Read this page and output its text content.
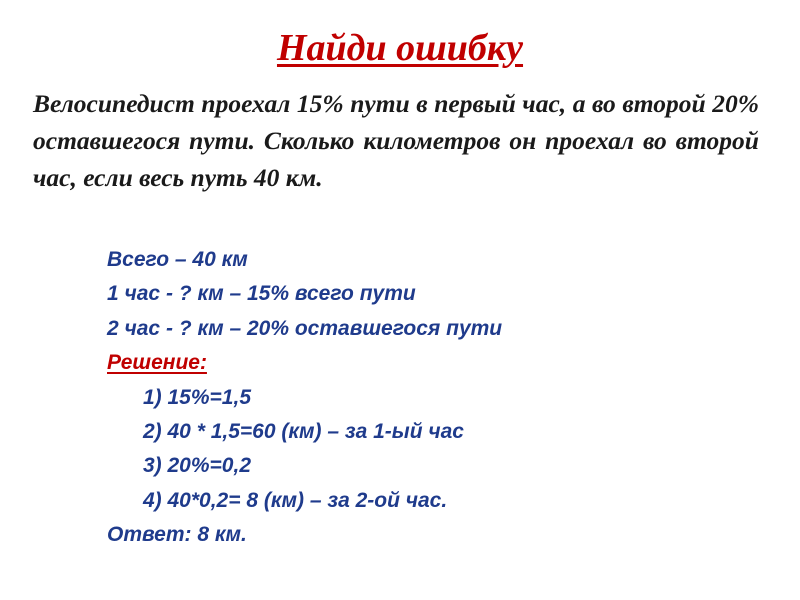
Найди ошибку
Велосипедист проехал 15% пути в первый час, а во второй 20% оставшегося пути. Сколько километров он проехал во второй час, если весь путь 40 км.
Всего – 40 км
1 час - ? км – 15% всего пути
2 час - ? км – 20% оставшегося пути
Решение:
1) 15%=1,5
2) 40 * 1,5=60 (км) – за 1-ый час
3) 20%=0,2
4) 40*0,2= 8 (км) – за 2-ой час.
Ответ: 8 км.
